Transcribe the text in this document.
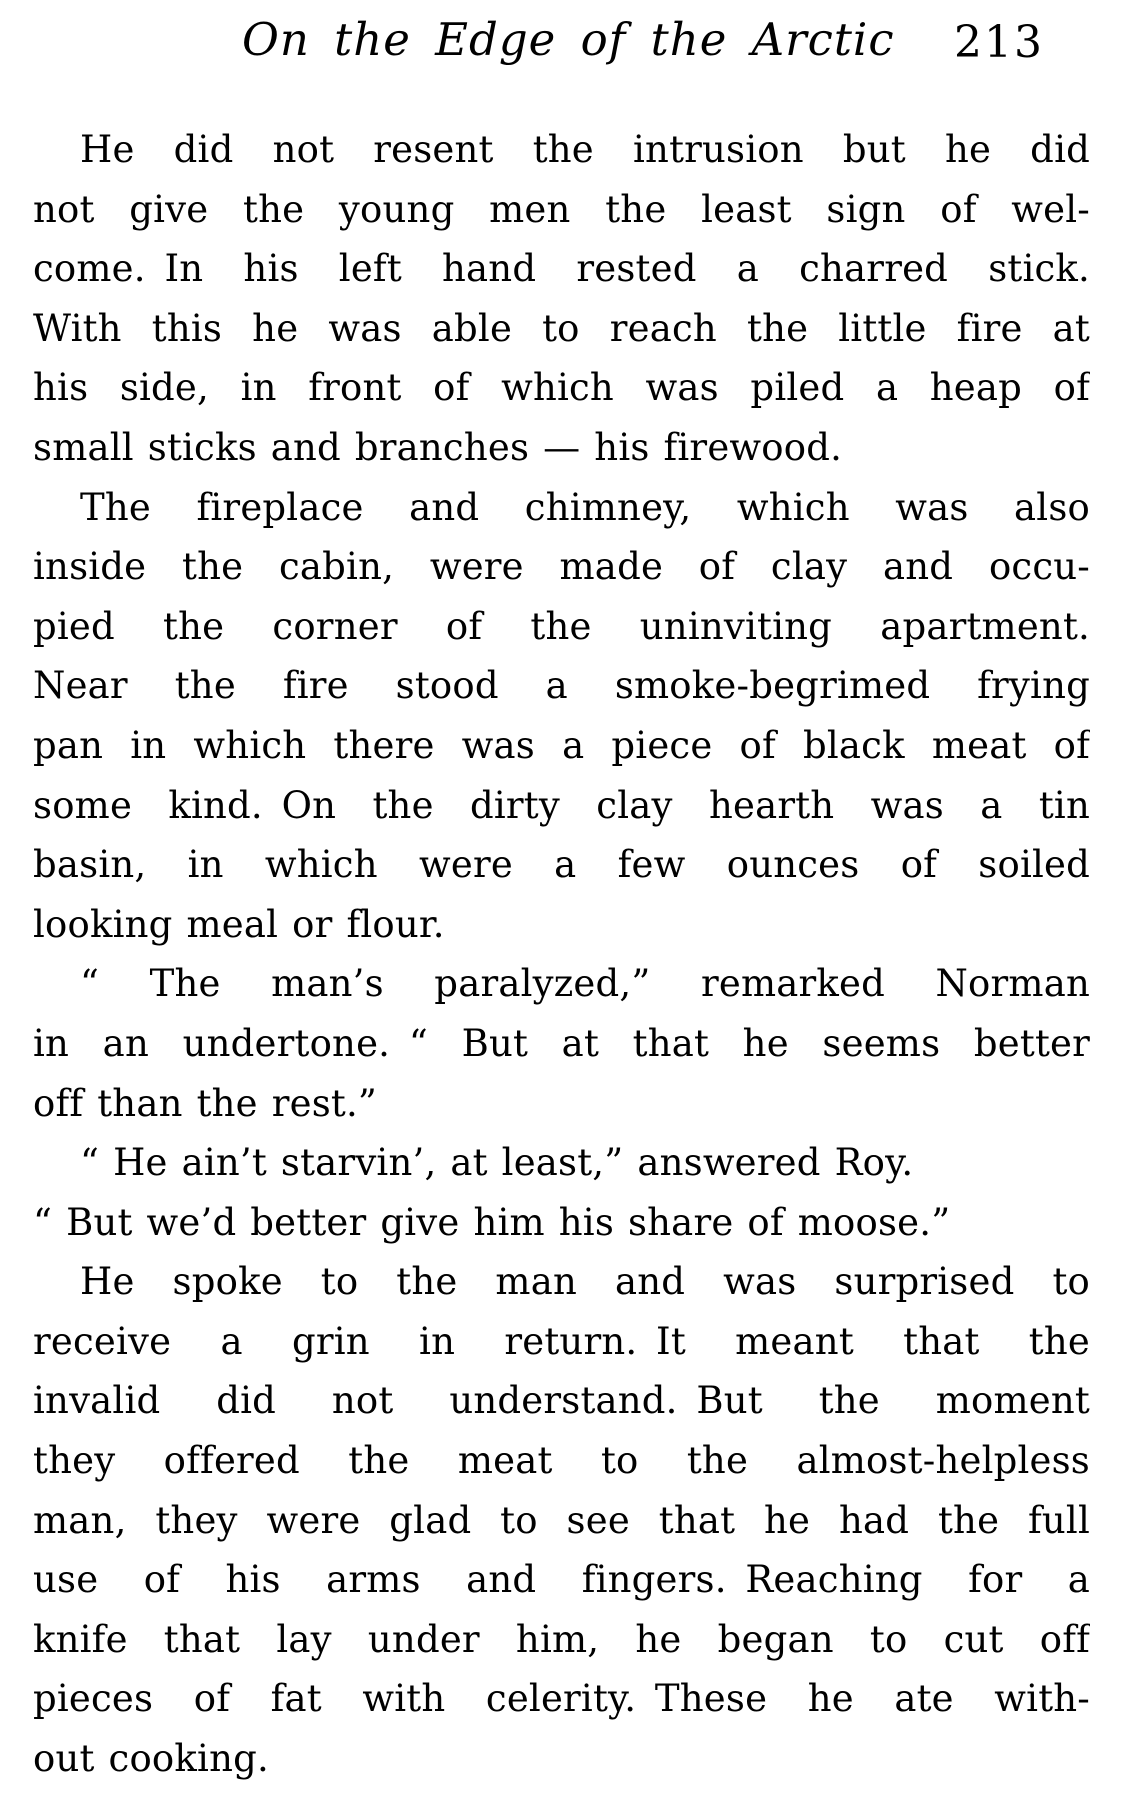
On the Edge of the Arctic 213
He did not resent the intrusion but he did
not give the young men the least sign of wel-
come. In his left hand rested a charred stick.
With this he was able to reach the little fire at
his side, in front of which was piled a heap of
small sticks and branches — his firewood.
The fireplace and chimney, which was also
inside the cabin, were made of clay and occu-
pied the corner of the uninviting apartment.
Near the fire stood a smoke-begrimed frying
pan in which there was a piece of black meat of
some kind. On the dirty clay hearth was a tin
basin, in which were a few ounces of soiled
looking meal or flour.
“ The man’s paralyzed,” remarked Norman
in an undertone. “ But at that he seems better
off than the rest.”
“ He ain’t starvin’, at least,” answered Roy.
“ But we’d better give him his share of moose.”
He spoke to the man and was surprised to
receive a grin in return. It meant that the
invalid did not understand. But the moment
they offered the meat to the almost-helpless
man, they were glad to see that he had the full
use of his arms and fingers. Reaching for a
knife that lay under him, he began to cut off
pieces of fat with celerity. These he ate with-
out cooking.
